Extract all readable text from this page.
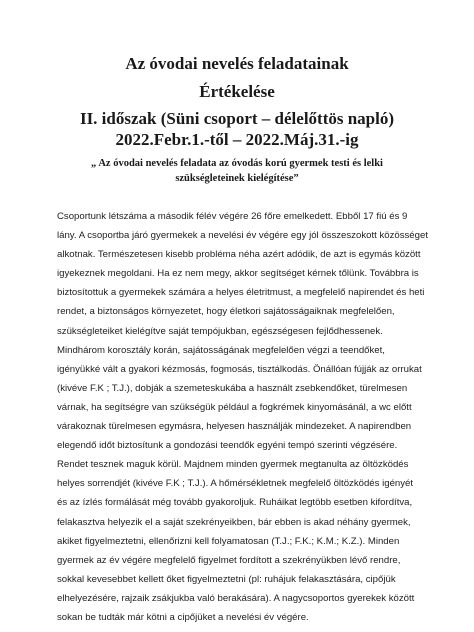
Az óvodai nevelés feladatainak
Értékelése
II. időszak (Süni csoport – délelőttös napló)
2022.Febr.1.-től – 2022.Máj.31.-ig

„ Az óvodai nevelés feladata az óvodás korú gyermek testi és lelki

szükségleteinek kielégítése”

Csoportunk létszáma a második félév végére 26 főre emelkedett. Ebből 17 fiú és 9
lány. A csoportba járó gyermekek a nevelési év végére egy jól összeszokott közösséget
alkotnak. Természetesen kisebb probléma néha azért adódik, de azt is egymás között
igyekeznek megoldani. Ha ez nem megy, akkor segítséget kérnek tőlünk. Továbbra is
biztosítottuk a gyermekek számára a helyes életritmust, a megfelelő napirendet és heti
rendet, a biztonságos környezetet, hogy életkori sajátosságaiknak megfelelően,
szükségleteiket kielégítve saját tempójukban, egészségesen fejlődhessenek.
Mindhárom korosztály korán, sajátosságának megfelelően végzi a teendőket,
igényükké vált a gyakori kézmosás, fogmosás, tisztálkodás. Önállóan fújják az orrukat
(kivéve F.K ; T.J.), dobják a szemeteskukába a használt zsebkendőket, türelmesen
várnak, ha segítségre van szükségük például a fogkrémek kinyomásánál, a wc előtt
várakoznak türelmesen egymásra, helyesen használják mindezeket. A napirendben
elegendő időt biztosítunk a gondozási teendők egyéni tempó szerinti végzésére.
Rendet tesznek maguk körül. Majdnem minden gyermek megtanulta az öltözködés
helyes sorrendjét (kivéve F.K ; T.J.). A hőmérsékletnek megfelelő öltözködés igényét
és az ízlés formálását még tovább gyakoroljuk. Ruháikat legtöbb esetben kifordítva,
felakasztva helyezik el a saját szekrényeikben, bár ebben is akad néhány gyermek,
akiket figyelmeztetni, ellenőrizni kell folyamatosan (T.J.; F.K.; K.M.; K.Z.). Minden
gyermek az év végére megfelelő figyelmet fordított a szekrényükben lévő rendre,
sokkal kevesebbet kellett őket figyelmeztetni (pl: ruhájuk felakasztására, cipőjük
elhelyezésére, rajzaik zsákjukba való berakására). A nagycsoportos gyerekek között
sokan be tudták már kötni a cipőjüket a nevelési év végére.
